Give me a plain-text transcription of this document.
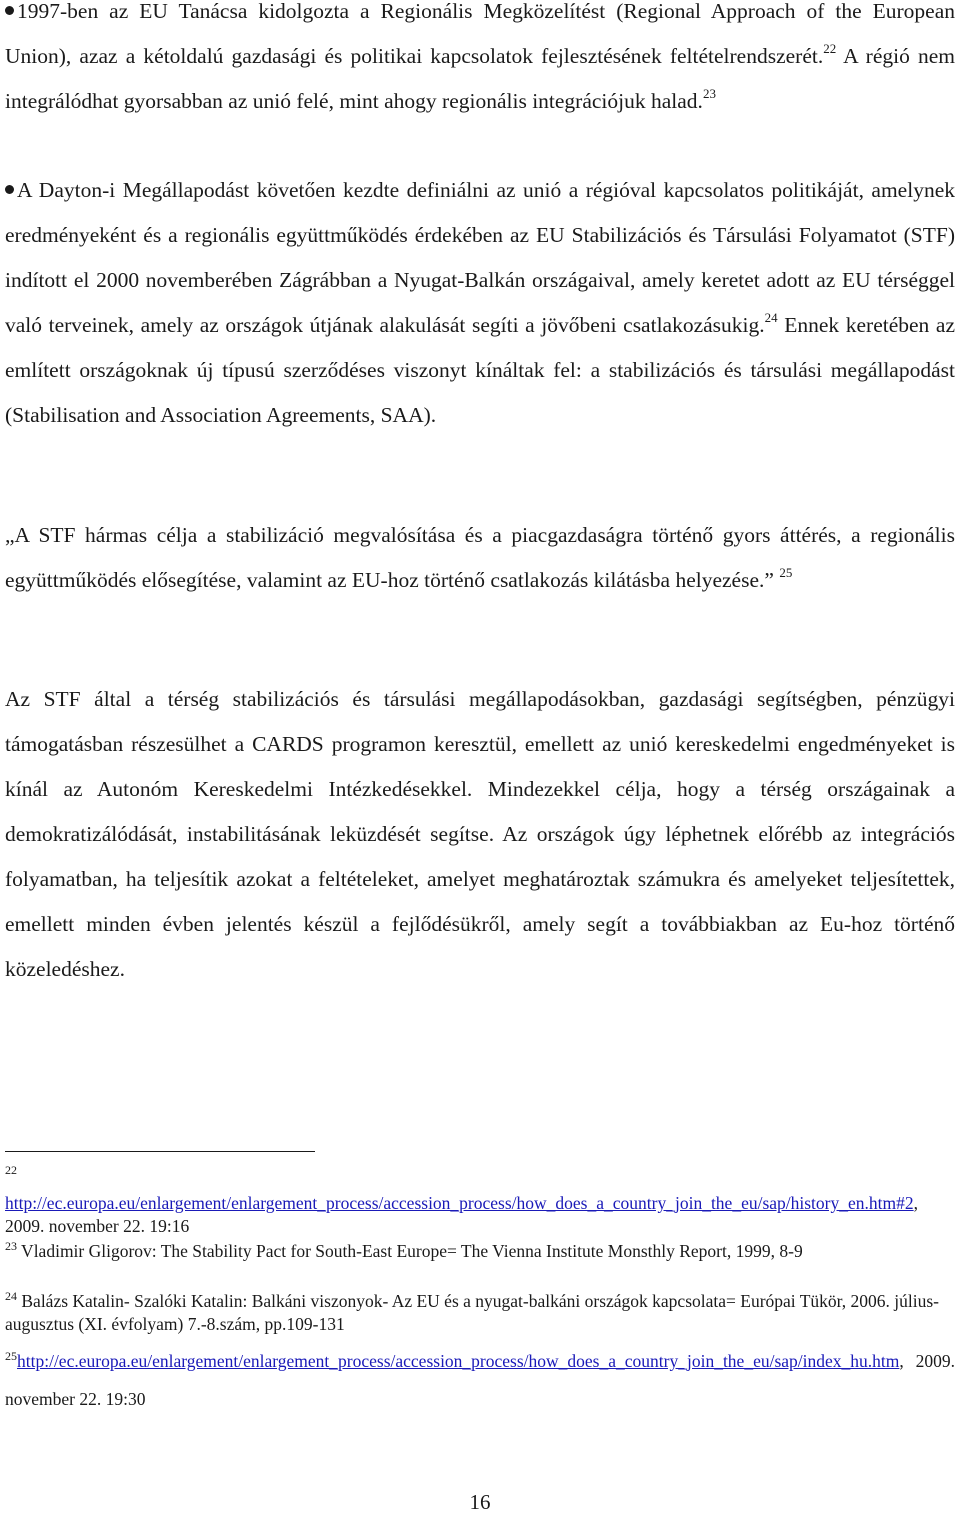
1997-ben az EU Tanácsa kidolgozta a Regionális Megközelítést (Regional Approach of the European Union), azaz a kétoldalú gazdasági és politikai kapcsolatok fejlesztésének feltételrendszerét.$^{22}$ A régió nem integrálódhat gyorsabban az unió felé, mint ahogy regionális integrációjuk halad.$^{23}$

A Dayton-i Megállapodást követően kezdte definiálni az unió a régióval kapcsolatos politikáját, amelynek eredményeként és a regionális együttműködés érdekében az EU Stabilizációs és Társulási Folyamatot (STF) indított el 2000 novemberében Zágrábban a Nyugat-Balkán országaival, amely keretet adott az EU térséggel való terveinek, amely az országok útjának alakulását segíti a jövőbeni csatlakozásukig.$^{24}$ Ennek keretében az említett országoknak új típusú szerződéses viszonyt kínáltak fel: a stabilizációs és társulási megállapodást (Stabilisation and Association Agreements, SAA).

„A STF hármas célja a stabilizáció megvalósítása és a piacgazdaságra történő gyors áttérés, a regionális együttműködés elősegítése, valamint az EU-hoz történő csatlakozás kilátásba helyezése.” $^{25}$

Az STF által a térség stabilizációs és társulási megállapodásokban, gazdasági segítségben, pénzügyi támogatásban részesülhet a CARDS programon keresztül, emellett az unió kereskedelmi engedményeket is kínál az Autonóm Kereskedelmi Intézkedésekkel. Mindezekkel célja, hogy a térség országainak a demokratizálódását, instabilitásának leküzdését segítse. Az országok úgy léphetnek előrébb az integrációs folyamatban, ha teljesítik azokat a feltételeket, amelyet meghatároztak számukra és amelyeket teljesítettek, emellett minden évben jelentés készül a fejlődésükről, amely segít a továbbiakban az Eu-hoz történő közeledéshez.

22

http://ec.europa.eu/enlargement/enlargement_process/accession_process/how_does_a_country_join_the_eu/sap/history_en.htm#2, 2009. november 22. 19:16

$^{23}$ Vladimir Gligorov: The Stability Pact for South-East Europe= The Vienna Institute Monsthly Report, 1999, 8-9

$^{24}$ Balázs Katalin- Szalóki Katalin: Balkáni viszonyok- Az EU és a nyugat-balkáni országok kapcsolata= Európai Tükör, 2006. július-augusztus (XI. évfolyam) 7.-8.szám, pp.109-131

$^{25}$http://ec.europa.eu/enlargement/enlargement_process/accession_process/how_does_a_country_join_the_eu/sap/index_hu.htm, 2009. november 22. 19:30

16
